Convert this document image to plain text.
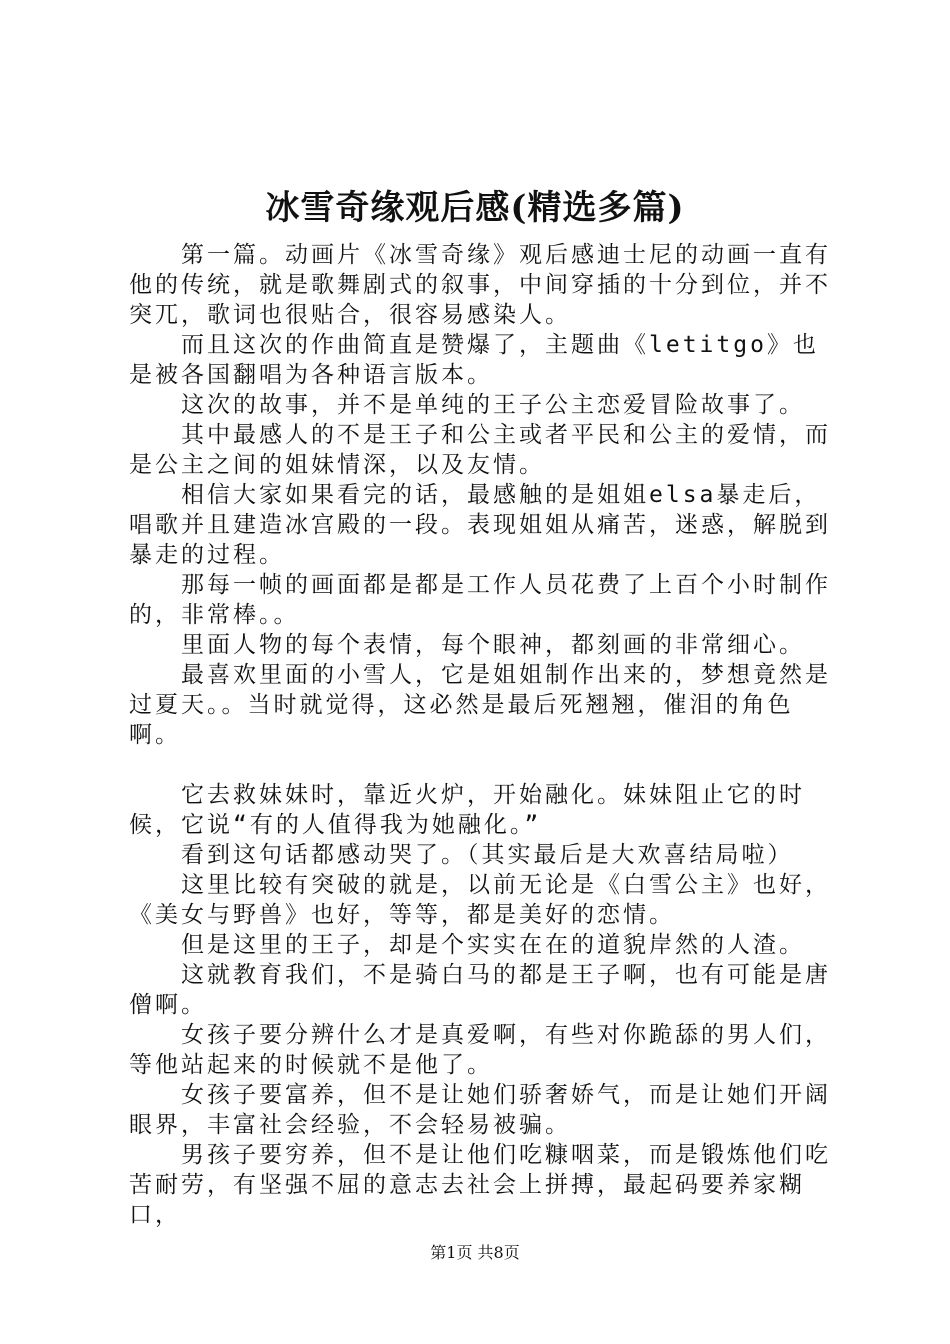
冰雪奇缘观后感(精选多篇)

第一篇。动画片《冰雪奇缘》观后感迪士尼的动画一直有他的传统，就是歌舞剧式的叙事，中间穿插的十分到位，并不突兀，歌词也很贴合，很容易感染人。

而且这次的作曲简直是赞爆了，主题曲《letitgo》也是被各国翻唱为各种语言版本。

这次的故事，并不是单纯的王子公主恋爱冒险故事了。

其中最感人的不是王子和公主或者平民和公主的爱情，而是公主之间的姐妹情深，以及友情。

相信大家如果看完的话，最感触的是姐姐elsa暴走后，唱歌并且建造冰宫殿的一段。表现姐姐从痛苦，迷惑，解脱到暴走的过程。

那每一帧的画面都是都是工作人员花费了上百个小时制作的，非常棒。。

里面人物的每个表情，每个眼神，都刻画的非常细心。

最喜欢里面的小雪人，它是姐姐制作出来的，梦想竟然是过夏天。。当时就觉得，这必然是最后死翘翘，催泪的角色啊。

它去救妹妹时，靠近火炉，开始融化。妹妹阻止它的时候，它说“有的人值得我为她融化。”

看到这句话都感动哭了。（其实最后是大欢喜结局啦）

这里比较有突破的就是，以前无论是《白雪公主》也好，《美女与野兽》也好，等等，都是美好的恋情。

但是这里的王子，却是个实实在在的道貌岸然的人渣。

这就教育我们，不是骑白马的都是王子啊，也有可能是唐僧啊。

女孩子要分辨什么才是真爱啊，有些对你跪舔的男人们，等他站起来的时候就不是他了。

女孩子要富养，但不是让她们骄奢娇气，而是让她们开阔眼界，丰富社会经验，不会轻易被骗。

男孩子要穷养，但不是让他们吃糠咽菜，而是锻炼他们吃苦耐劳，有坚强不屈的意志去社会上拼搏，最起码要养家糊口，

第1页 共8页
